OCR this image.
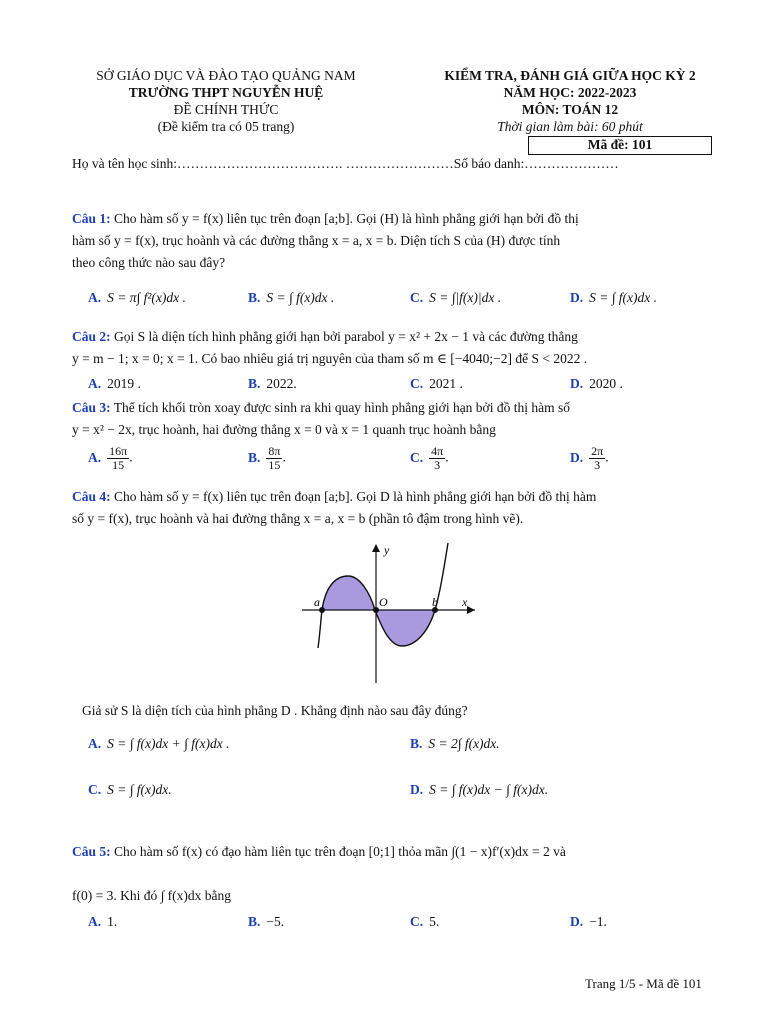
SỞ GIÁO DỤC VÀ ĐÀO TẠO QUẢNG NAM
TRƯỜNG THPT NGUYỄN HUỆ
ĐỀ CHÍNH THỨC
(Đề kiểm tra có 05 trang)
KIỂM TRA, ĐÁNH GIÁ GIỮA HỌC KỲ 2
NĂM HỌC: 2022-2023
MÔN: TOÁN 12
Thời gian làm bài: 60 phút
Mã đề: 101
Họ và tên học sinh:………………………………. ……………………Số báo danh:…………………
Câu 1: Cho hàm số y = f(x) liên tục trên đoạn [a;b]. Gọi (H) là hình phẳng giới hạn bởi đồ thị
hàm số y = f(x), trục hoành và các đường thẳng x = a, x = b. Diện tích S của (H) được tính
theo công thức nào sau đây?
A. S = π∫ f²(x)dx .	B. S = ∫ f(x)dx .	C. S = ∫|f(x)|dx .	D. S = ∫ f(x)dx .
Câu 2: Gọi S là diện tích hình phẳng giới hạn bởi parabol y = x² + 2x − 1 và các đường thẳng
y = m − 1; x = 0; x = 1. Có bao nhiêu giá trị nguyên của tham số m ∈ [−4040;−2] để S < 2022 .
A. 2019 .	B. 2022.	C. 2021 .	D. 2020 .
Câu 3: Thể tích khối tròn xoay được sinh ra khi quay hình phẳng giới hạn bởi đồ thị hàm số
y = x² − 2x, trục hoành, hai đường thẳng x = 0 và x = 1 quanh trục hoành bằng
A. $\frac{16\pi}{15}$ .	B. $\frac{8\pi}{15}$ .	C. $\frac{4\pi}{3}$ .	D. $\frac{2\pi}{3}$ .
Câu 4: Cho hàm số y = f(x) liên tục trên đoạn [a;b]. Gọi D là hình phẳng giới hạn bởi đồ thị hàm
số y = f(x), trục hoành và hai đường thẳng x = a, x = b (phần tô đậm trong hình vẽ).
y
x
a	O	b
Giả sử S là diện tích của hình phẳng D . Khẳng định nào sau đây đúng?
A. S = ∫ f(x)dx + ∫ f(x)dx .	B. S = 2∫ f(x)dx.
C. S = ∫ f(x)dx.	D. S = ∫ f(x)dx − ∫ f(x)dx.
Câu 5: Cho hàm số f(x) có đạo hàm liên tục trên đoạn [0;1] thỏa mãn ∫(1 − x)f′(x)dx = 2 và
f(0) = 3. Khi đó ∫ f(x)dx bằng
A. 1.	B. −5.	C. 5.	D. −1.
Trang 1/5 - Mã đề 101
